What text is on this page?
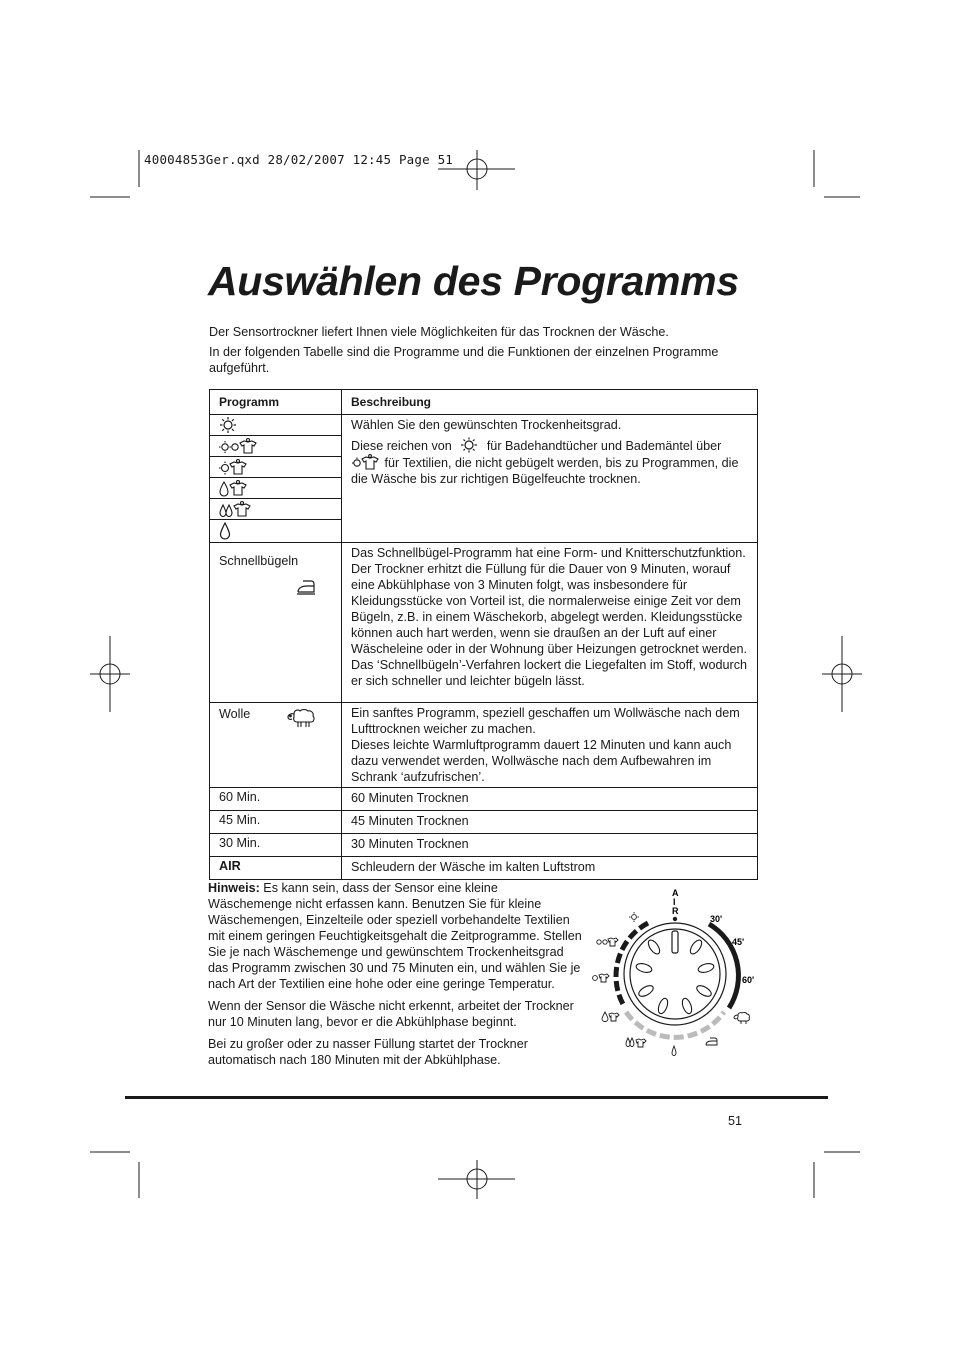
40004853Ger.qxd 28/02/2007 12:45 Page 51
Auswählen des Programms
Der Sensortrockner liefert Ihnen viele Möglichkeiten für das Trocknen der Wäsche.
In der folgenden Tabelle sind die Programme und die Funktionen der einzelnen Programme aufgeführt.
Programm	Beschreibung

Wählen Sie den gewünschten Trockenheitsgrad.
Diese reichen von für Badehandtücher und Bademäntel über
für Textilien, die nicht gebügelt werden, bis zu Programmen, die die Wäsche bis zur richtigen Bügelfeuchte trocknen.

Schnellbügeln	Das Schnellbügel-Programm hat eine Form- und Knitterschutzfunktion. Der Trockner erhitzt die Füllung für die Dauer von 9 Minuten, worauf eine Abkühlphase von 3 Minuten folgt, was insbesondere für Kleidungsstücke von Vorteil ist, die normalerweise einige Zeit vor dem Bügeln, z.B. in einem Wäschekorb, abgelegt werden. Kleidungsstücke können auch hart werden, wenn sie draußen an der Luft auf einer Wäscheleine oder in der Wohnung über Heizungen getrocknet werden. Das ‘Schnellbügeln’-Verfahren lockert die Liegefalten im Stoff, wodurch er sich schneller und leichter bügeln lässt.

Wolle	Ein sanftes Programm, speziell geschaffen um Wollwäsche nach dem Lufttrocknen weicher zu machen.
Dieses leichte Warmluftprogramm dauert 12 Minuten und kann auch dazu verwendet werden, Wollwäsche nach dem Aufbewahren im Schrank ‘aufzufrischen’.

60 Min.	60 Minuten Trocknen
45 Min.	45 Minuten Trocknen
30 Min.	30 Minuten Trocknen
AIR	Schleudern der Wäsche im kalten Luftstrom

Hinweis: Es kann sein, dass der Sensor eine kleine Wäschemenge nicht erfassen kann. Benutzen Sie für kleine Wäschemengen, Einzelteile oder speziell vorbehandelte Textilien mit einem geringen Feuchtigkeitsgehalt die Zeitprogramme. Stellen Sie je nach Wäschemenge und gewünschtem Trockenheitsgrad das Programm zwischen 30 und 75 Minuten ein, und wählen Sie je nach Art der Textilien eine hohe oder eine geringe Temperatur.

Wenn der Sensor die Wäsche nicht erkennt, arbeitet der Trockner nur 10 Minuten lang, bevor er die Abkühlphase beginnt.

Bei zu großer oder zu nasser Füllung startet der Trockner automatisch nach 180 Minuten mit der Abkühlphase.

A
I
R
30'
45'
60'
51
